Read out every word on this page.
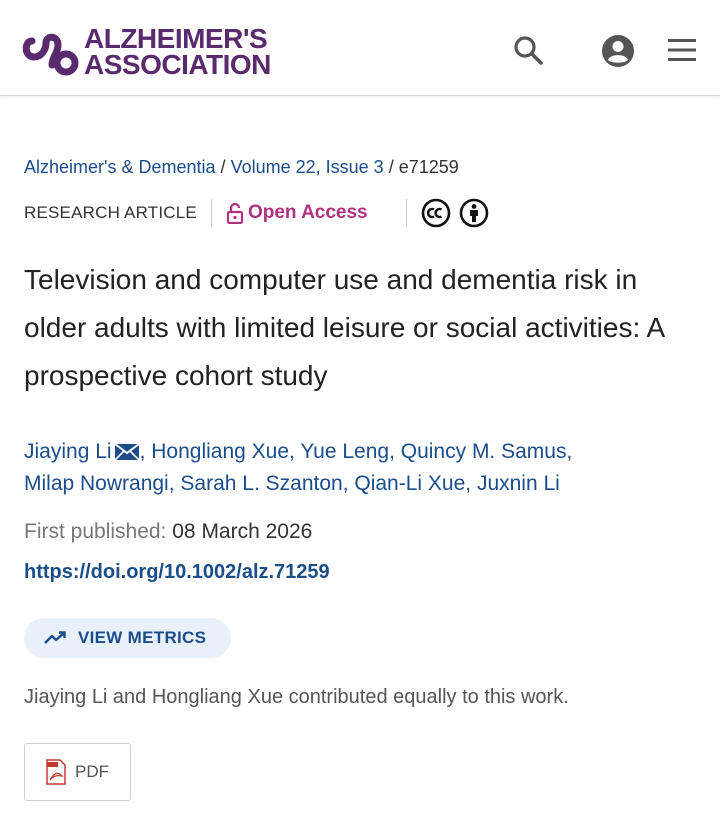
ALZHEIMER'S
ASSOCIATION
Alzheimer's & Dementia / Volume 22, Issue 3 / e71259
RESEARCH ARTICLE	Open Access
Television and computer use and dementia risk in older adults with limited leisure or social activities: A prospective cohort study
Jiaying Li , Hongliang Xue, Yue Leng, Quincy M. Samus,
Milap Nowrangi, Sarah L. Szanton, Qian-Li Xue, Juxnin Li
First published: 08 March 2026
https://doi.org/10.1002/alz.71259
VIEW METRICS
Jiaying Li and Hongliang Xue contributed equally to this work.
PDF
